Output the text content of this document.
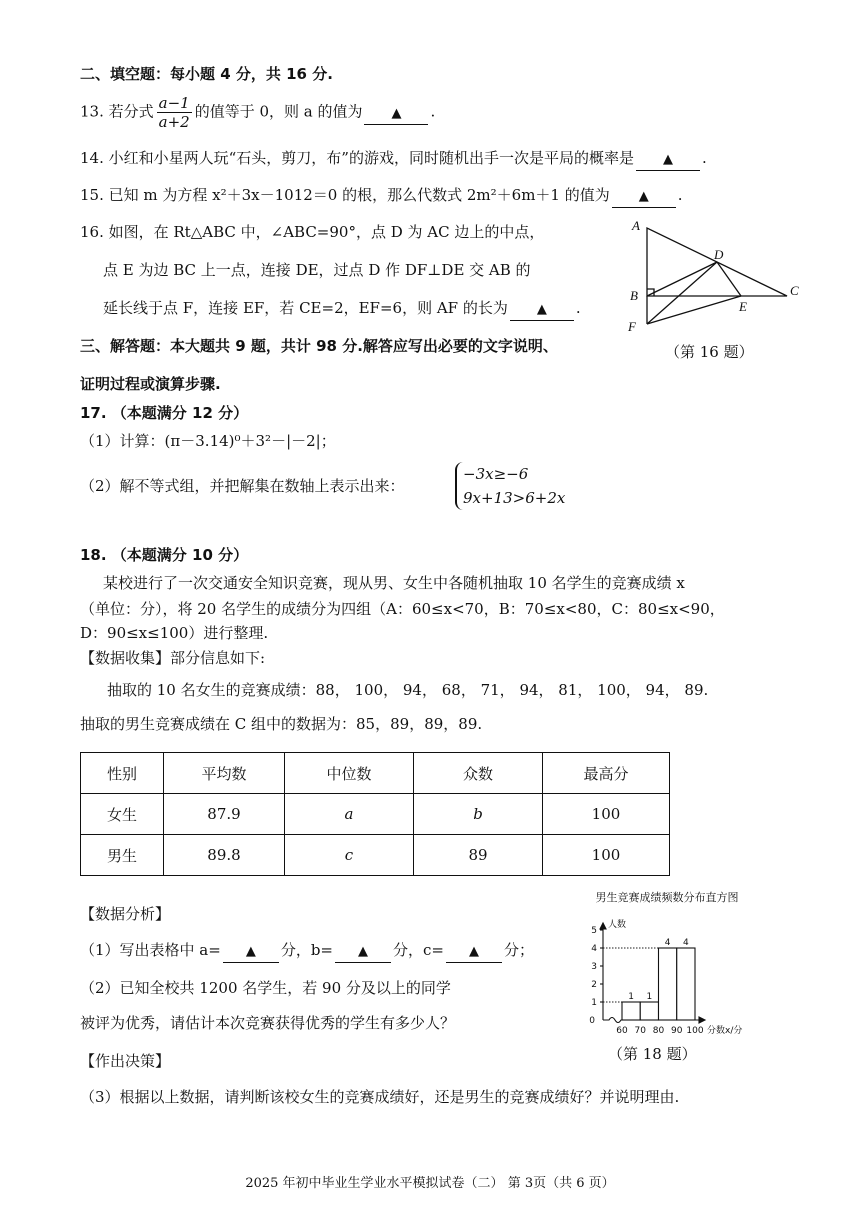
二、填空题：每小题 4 分，共 16 分.
13. 若分式 $\frac{a-1}{a+2}$ 的值等于 0，则 a 的值为 ▲ .
14. 小红和小星两人玩“石头，剪刀，布”的游戏，同时随机出手一次是平局的概率是 ▲ .
15. 已知 m 为方程 x²＋3x－1012＝0 的根，那么代数式 2m²＋6m＋1 的值为 ▲ .
16. 如图，在 Rt△ABC 中，∠ABC=90°，点 D 为 AC 边上的中点，
点 E 为边 BC 上一点，连接 DE，过点 D 作 DF⊥DE 交 AB 的
延长线于点 F，连接 EF，若 CE=2，EF=6，则 AF 的长为 ▲ .
A
B	C
D
E
F
（第 16 题）
三、解答题：本大题共 9 题，共计 98 分.解答应写出必要的文字说明、
证明过程或演算步骤.
17. （本题满分 12 分）
（1）计算：(π－3.14)⁰＋3²－|－2|；
（2）解不等式组，并把解集在数轴上表示出来：
−3x≥−6
9x+13>6+2x
18. （本题满分 10 分）
某校进行了一次交通安全知识竞赛，现从男、女生中各随机抽取 10 名学生的竞赛成绩 x
（单位：分），将 20 名学生的成绩分为四组（A：60≤x<70，B：70≤x<80，C：80≤x<90，
D：90≤x≤100）进行整理.
【数据收集】部分信息如下:
抽取的 10 名女生的竞赛成绩：88， 100， 94， 68， 71， 94， 81， 100， 94， 89.
抽取的男生竞赛成绩在 C 组中的数据为：85，89，89，89.
性别	平均数	中位数	众数	最高分
女生	87.9	a	b	100
男生	89.8	c	89	100
【数据分析】
（1）写出表格中 a= ▲ 分，b= ▲ 分，c= ▲ 分；
（2）已知全校共 1200 名学生，若 90 分及以上的同学
被评为优秀，请估计本次竞赛获得优秀的学生有多少人？
【作出决策】
（3）根据以上数据，请判断该校女生的竞赛成绩好，还是男生的竞赛成绩好？并说明理由.
男生竞赛成绩频数分布直方图
1
2
3
4
5
0
1 1
4 4
60 70 80 90 100 分数x/分
人数
（第 18 题）
2025 年初中毕业生学业水平模拟试卷（二） 第 3页（共 6 页）
